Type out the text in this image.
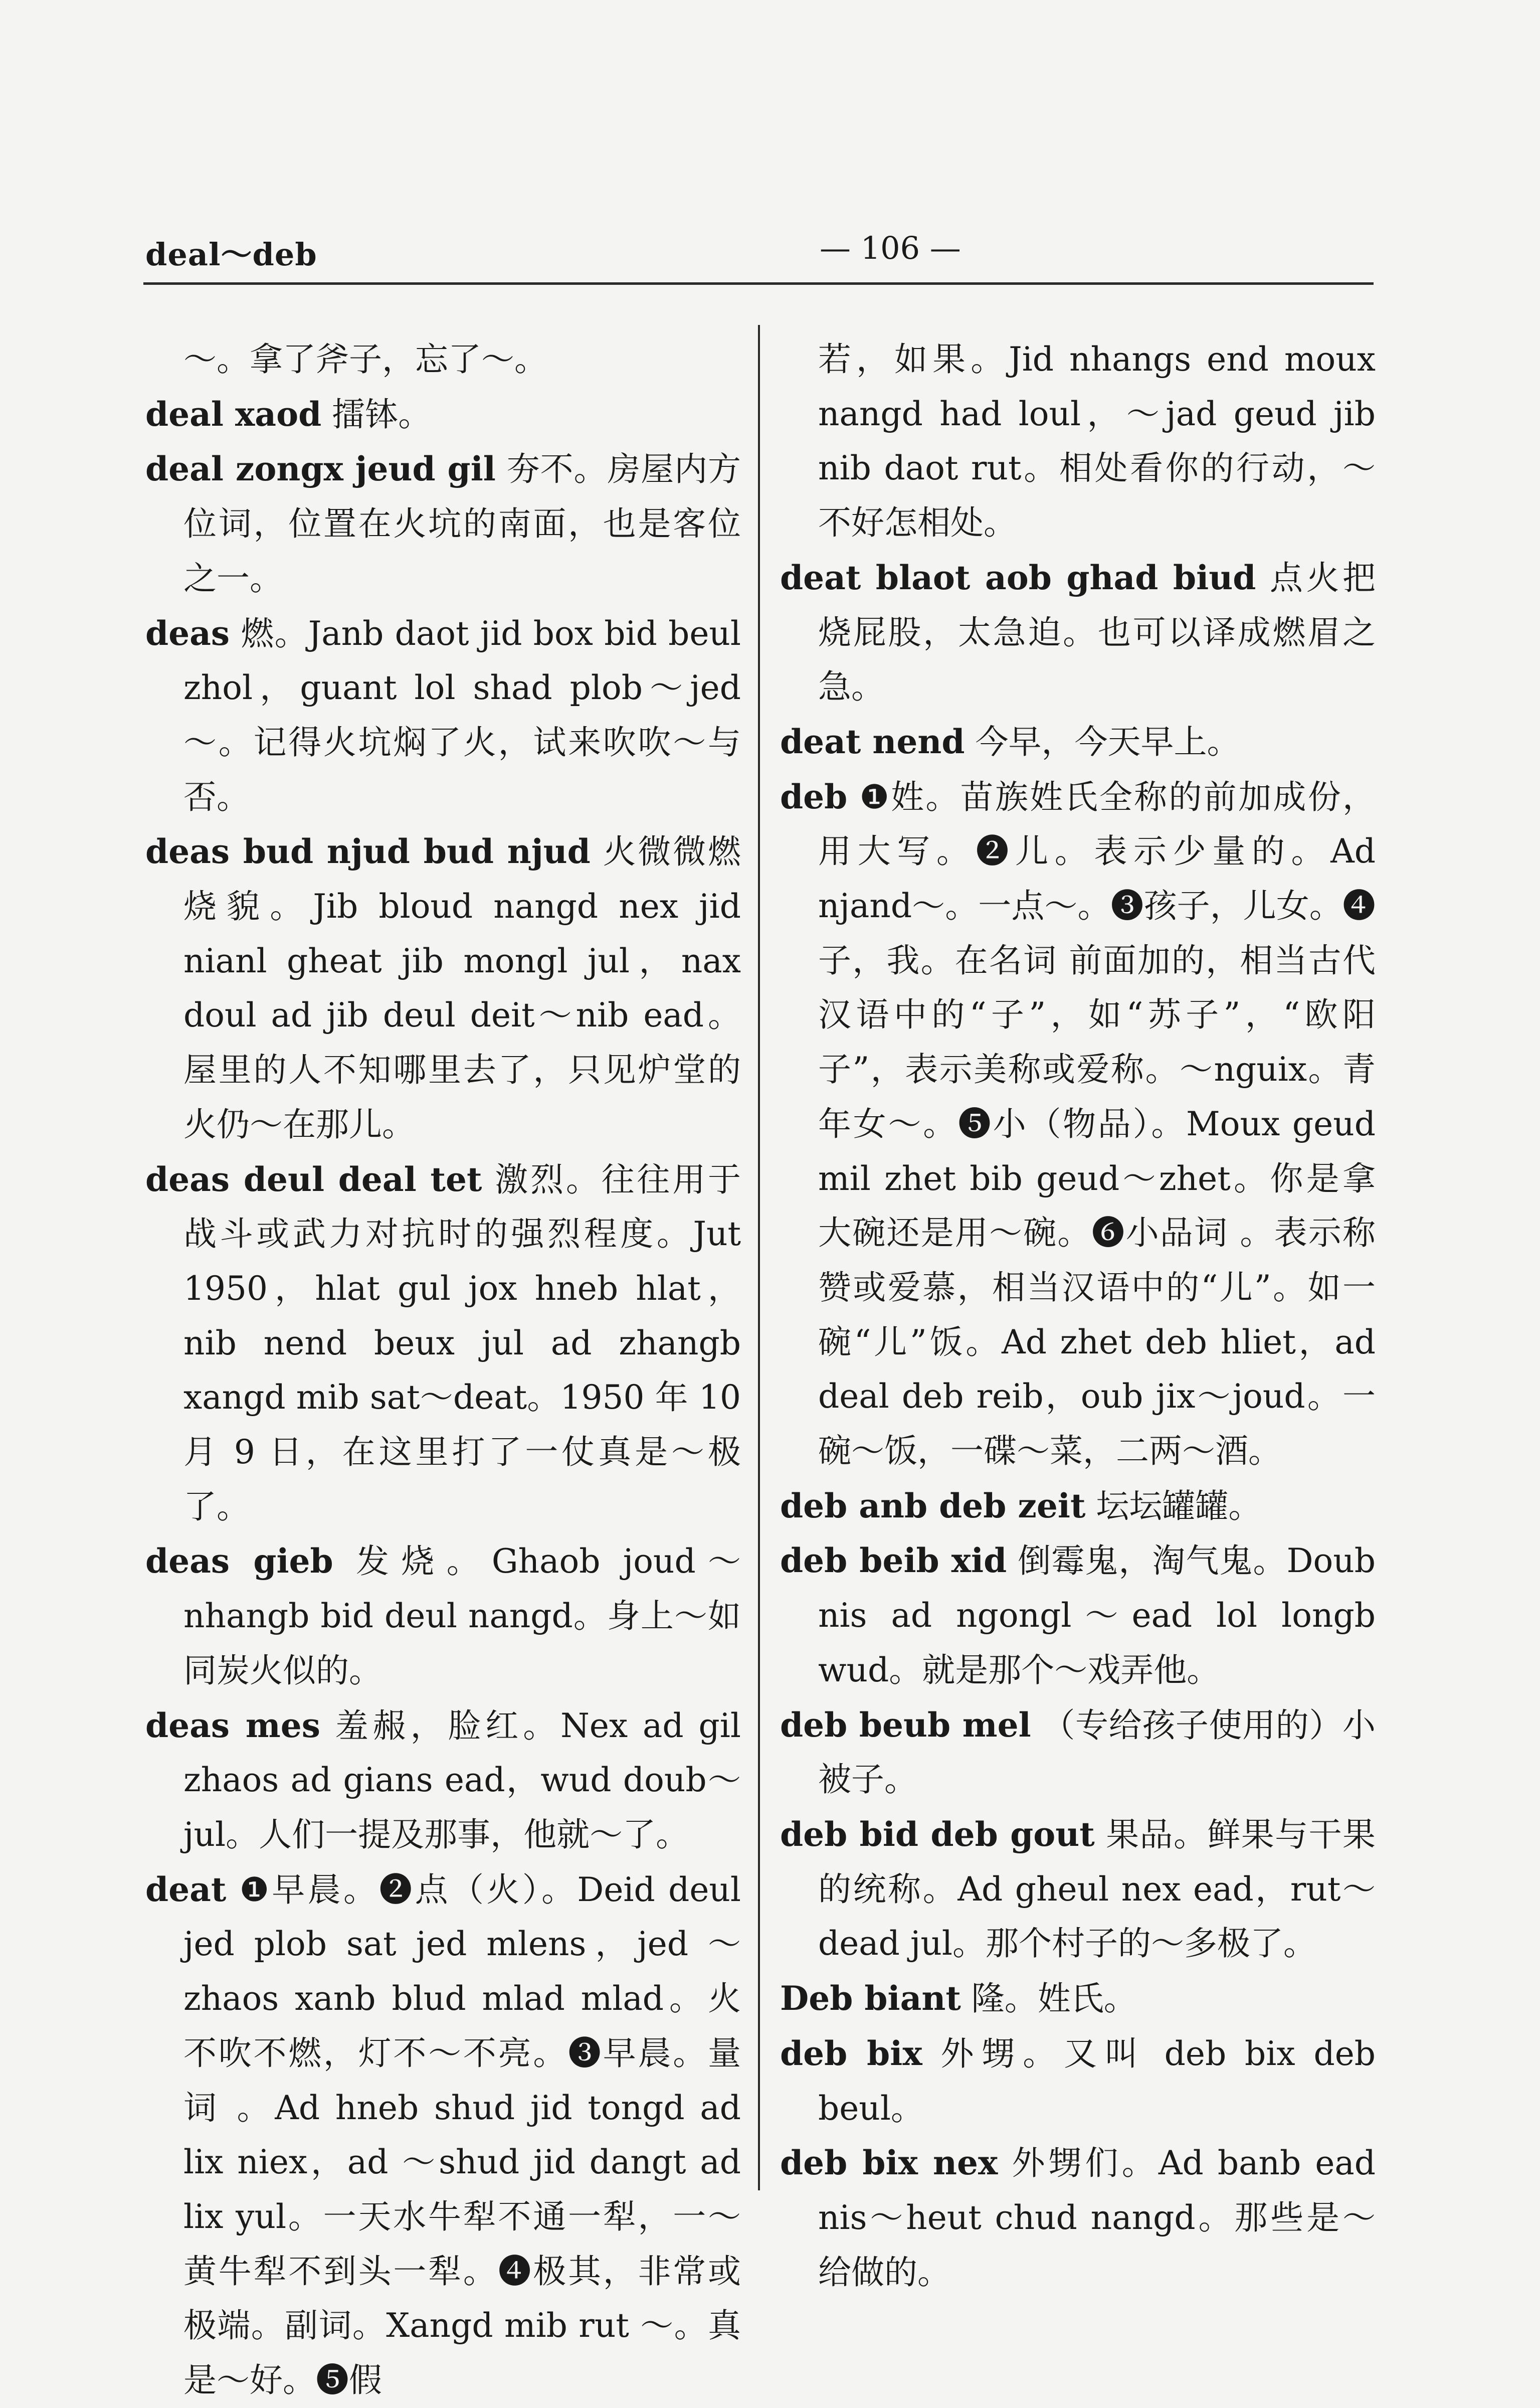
deal～deb	— 106 —

～。拿了斧子，忘了～。

deal xaod 擂钵。

deal zongx jeud gil 夯不。房屋内方位词，位置在火坑的南面，也是客位之一。

deas 燃。Janb daot jid box bid beul zhol，guant lol shad plob～jed～。记得火坑焖了火，试来吹吹～与否。

deas bud njud bud njud 火微微燃烧貌。Jib bloud nangd nex jid nianl gheat jib mongl jul，nax doul ad jib deul deit～nib ead。屋里的人不知哪里去了，只见炉堂的火仍～在那儿。

deas deul deal tet 激烈。往往用于战斗或武力对抗时的强烈程度。Jut 1950，hlat gul jox hneb hlat，nib nend beux jul ad zhangb xangd mib sat～deat。1950 年 10 月 9 日，在这里打了一仗真是～极了。

deas gieb 发烧。Ghaob joud～nhangb bid deul nangd。身上～如同炭火似的。

deas mes 羞赧，脸红。Nex ad gil zhaos ad gians ead，wud doub～jul。人们一提及那事，他就～了。

deat ❶早晨。❷点（火）。Deid deul jed plob sat jed mlens，jed ～ zhaos xanb blud mlad mlad。火不吹不燃，灯不～不亮。❸早晨。量词 。Ad hneb shud jid tongd ad lix niex，ad ～shud jid dangt ad lix yul。一天水牛犁不通一犁，一～黄牛犁不到头一犁。❹极其，非常或极端。副词。Xangd mib rut ～。真是～好。❺假

若，如果。Jid nhangs end moux nangd had loul，～jad geud jib nib daot rut。相处看你的行动，～不好怎相处。

deat blaot aob ghad biud 点火把烧屁股，太急迫。也可以译成燃眉之急。

deat nend 今早，今天早上。

deb ❶姓。苗族姓氏全称的前加成份，用大写。❷儿。表示少量的。Ad njand～。一点～。❸孩子，儿女。❹子，我。在名词 前面加的，相当古代汉语中的“子”，如“苏子”，“欧阳子”，表示美称或爱称。～nguix。青年女～。❺小（物品）。Moux geud mil zhet bib geud～zhet。你是拿大碗还是用～碗。❻小品词 。表示称赞或爱慕，相当汉语中的“儿”。如一碗“儿”饭。Ad zhet deb hliet，ad deal deb reib，oub jix～joud。一碗～饭，一碟～菜，二两～酒。

deb anb deb zeit 坛坛罐罐。

deb beib xid 倒霉鬼，淘气鬼。Doub nis ad ngongl～ead lol longb wud。就是那个～戏弄他。

deb beub mel （专给孩子使用的）小被子。

deb bid deb gout 果品。鲜果与干果的统称。Ad gheul nex ead，rut～dead jul。那个村子的～多极了。

Deb biant 隆。姓氏。

deb bix 外甥。又叫 deb bix deb beul。

deb bix nex 外甥们。Ad banb ead nis～heut chud nangd。那些是～给做的。
